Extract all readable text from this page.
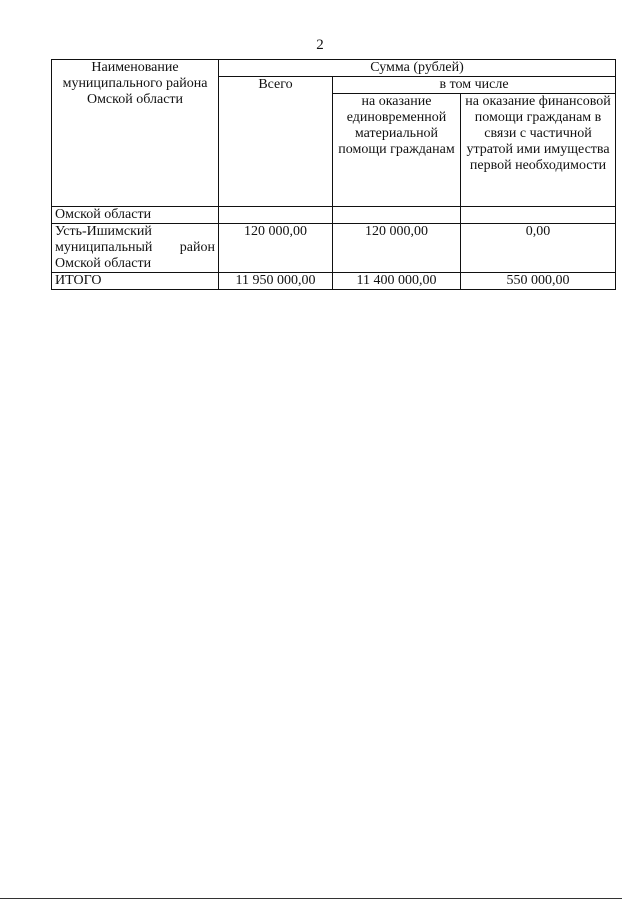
2
Наименование муниципального района Омской области	Сумма (рублей)		
	Всего	в том числе	
		на оказание единовременной материальной помощи гражданам	на оказание финансовой помощи гражданам в связи с частичной утратой ими имущества первой необходимости
Омской области			
Усть-Ишимский муниципальный район Омской области	120 000,00	120 000,00	0,00
ИТОГО	11 950 000,00	11 400 000,00	550 000,00
